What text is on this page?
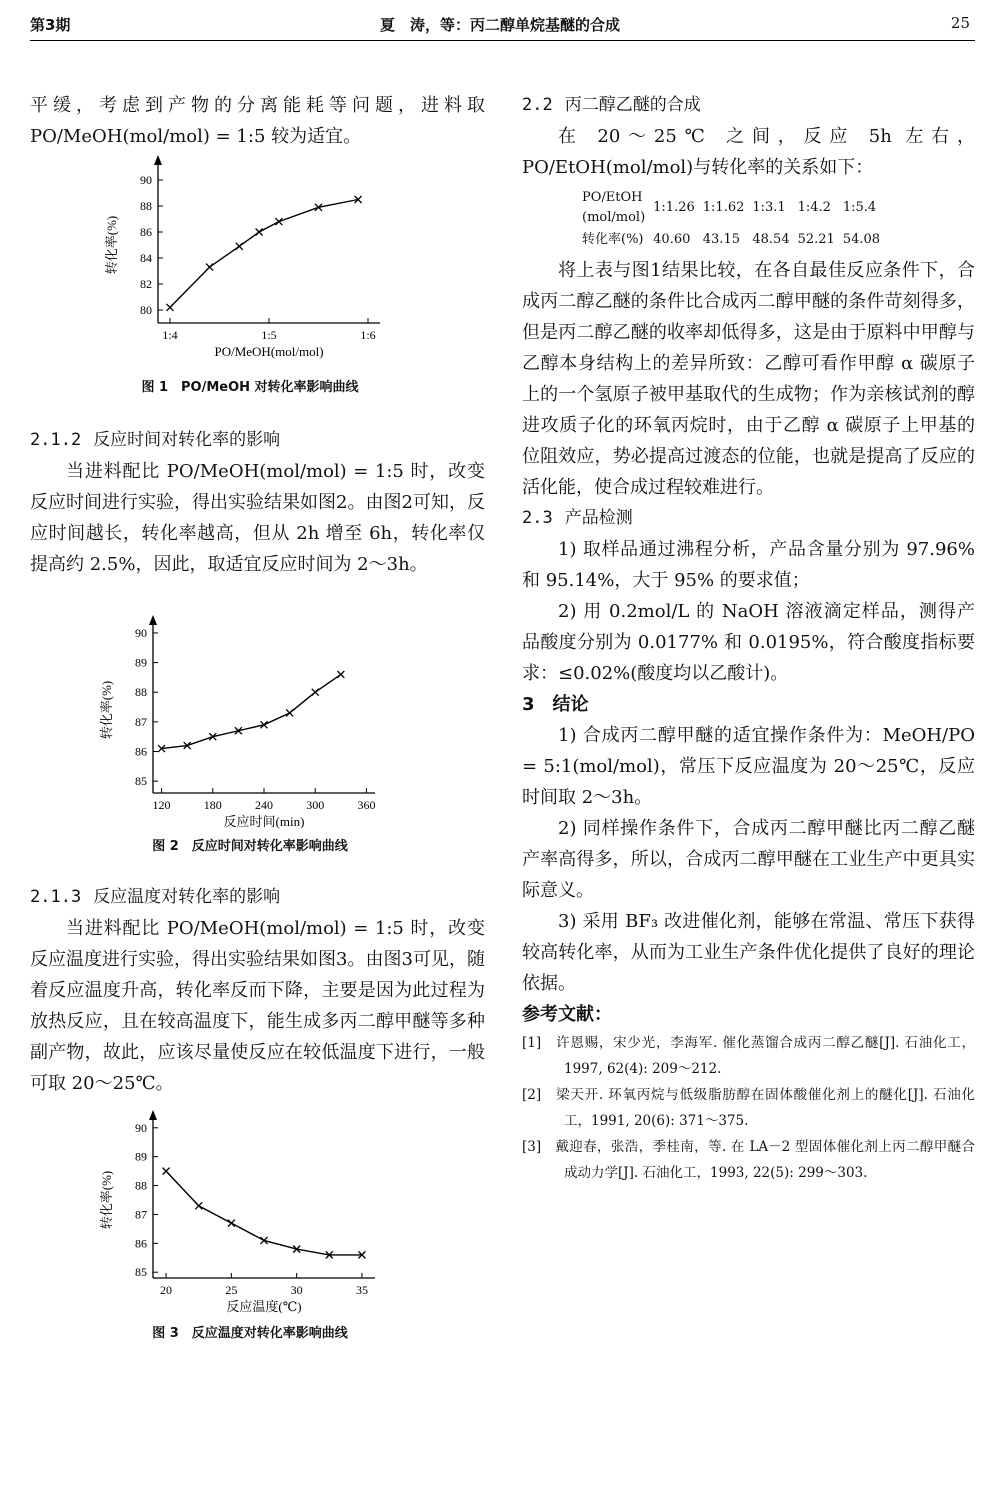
第3期	夏　涛，等：丙二醇单烷基醚的合成	25

平缓，考虑到产物的分离能耗等问题，进料取 PO/MeOH(mol/mol) = 1:5 较为适宜。

80
82
84
86
88
90
1:4	1:5	1:6
转化率(%)
PO/MeOH(mol/mol)
图 1　PO/MeOH 对转化率影响曲线

2.1.2 反应时间对转化率的影响

当进料配比 PO/MeOH(mol/mol) = 1:5 时，改变反应时间进行实验，得出实验结果如图2。由图2可知，反应时间越长，转化率越高，但从 2h 增至 6h，转化率仅提高约 2.5%，因此，取适宜反应时间为 2～3h。

85
86
87
88
89
90
120	180	240	300	360
转化率(%)
反应时间(min)
图 2　反应时间对转化率影响曲线

2.1.3 反应温度对转化率的影响

当进料配比 PO/MeOH(mol/mol) = 1:5 时，改变反应温度进行实验，得出实验结果如图3。由图3可见，随着反应温度升高，转化率反而下降，主要是因为此过程为放热反应，且在较高温度下，能生成多丙二醇甲醚等多种副产物，故此，应该尽量使反应在较低温度下进行，一般可取 20～25℃。

85
86
87
88
89
90
20	25	30	35
转化率(%)
反应温度(℃)
图 3　反应温度对转化率影响曲线

2.2 丙二醇乙醚的合成

在 20～25℃ 之间，反应 5h 左右，PO/EtOH(mol/mol)与转化率的关系如下：

PO/EtOH
(mol/mol)	1:1.26	1:1.62	1:3.1	1:4.2	1:5.4
转化率(%)	40.60	43.15	48.54	52.21	54.08

将上表与图1结果比较，在各自最佳反应条件下，合成丙二醇乙醚的条件比合成丙二醇甲醚的条件苛刻得多，但是丙二醇乙醚的收率却低得多，这是由于原料中甲醇与乙醇本身结构上的差异所致：乙醇可看作甲醇 α 碳原子上的一个氢原子被甲基取代的生成物；作为亲核试剂的醇进攻质子化的环氧丙烷时，由于乙醇 α 碳原子上甲基的位阻效应，势必提高过渡态的位能，也就是提高了反应的活化能，使合成过程较难进行。

2.3 产品检测

1) 取样品通过沸程分析，产品含量分别为 97.96% 和 95.14%，大于 95% 的要求值；

2) 用 0.2mol/L 的 NaOH 溶液滴定样品，测得产品酸度分别为 0.0177% 和 0.0195%，符合酸度指标要求：≤0.02%(酸度均以乙酸计)。

3　结论

1) 合成丙二醇甲醚的适宜操作条件为：MeOH/PO = 5:1(mol/mol)，常压下反应温度为 20～25℃，反应时间取 2～3h。

2) 同样操作条件下，合成丙二醇甲醚比丙二醇乙醚产率高得多，所以，合成丙二醇甲醚在工业生产中更具实际意义。

3) 采用 BF₃ 改进催化剂，能够在常温、常压下获得较高转化率，从而为工业生产条件优化提供了良好的理论依据。

参考文献：

[1]　许恩赐，宋少光，李海军. 催化蒸馏合成丙二醇乙醚[J]. 石油化工，1997, 62(4): 209～212.

[2]　梁天开. 环氧丙烷与低级脂肪醇在固体酸催化剂上的醚化[J]. 石油化工，1991, 20(6): 371～375.

[3]　戴迎春，张浩，季桂南，等. 在 LA－2 型固体催化剂上丙二醇甲醚合成动力学[J]. 石油化工，1993, 22(5): 299～303.
